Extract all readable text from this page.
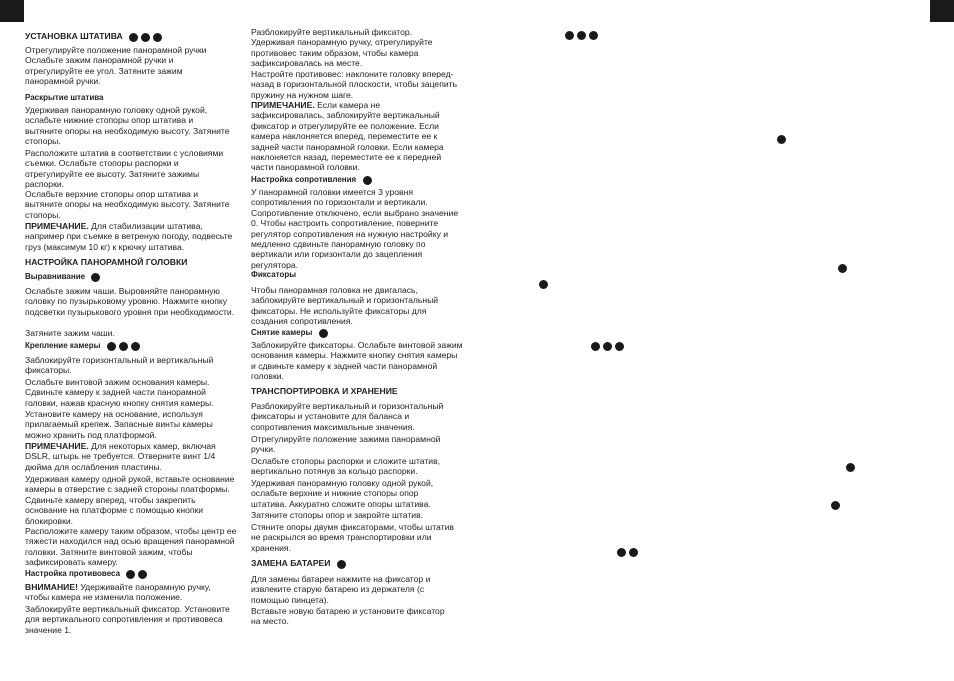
УСТАНОВКА ШТАТИВА

Отрегулируйте положение панорамной ручки Ослабьте зажим панорамной ручки и отрегулируйте ее угол. Затяните зажим панорамной ручки.

Раскрытие штатива

Удерживая панорамную головку одной рукой, ослабьте нижние стопоры опор штатива и вытяните опоры на необходимую высоту. Затяните стопоры.

Расположите штатив в соответствии с условиями съемки. Ослабьте стопоры распорки и отрегулируйте ее высоту. Затяните зажимы распорки.

Ослабьте верхние стопоры опор штатива и вытяните опоры на необходимую высоту. Затяните стопоры.

ПРИМЕЧАНИЕ. Для стабилизации штатива, например при съемке в ветреную погоду, подвесьте груз (максимум 10 кг) к крючку штатива.

НАСТРОЙКА ПАНОРАМНОЙ ГОЛОВКИ
Выравнивание

Ослабьте зажим чаши. Выровняйте панорамную головку по пузырьковому уровню. Нажмите кнопку подсветки пузырькового уровня при необходимости.

Затяните зажим чаши.

Крепление камеры

Заблокируйте горизонтальный и вертикальный фиксаторы.

Ослабьте винтовой зажим основания камеры. Сдвиньте камеру к задней части панорамной головки, нажав красную кнопку снятия камеры.

Установите камеру на основание, используя прилагаемый крепеж. Запасные винты камеры можно хранить под платформой.

ПРИМЕЧАНИЕ. Для некоторых камер, включая DSLR, штырь не требуется. Отверните винт 1/4 дюйма для ослабления пластины.

Удерживая камеру одной рукой, вставьте основание камеры в отверстие с задней стороны платформы. Сдвиньте камеру вперед, чтобы закрепить основание на платформе с помощью кнопки блокировки.

Расположите камеру таким образом, чтобы центр ее тяжести находился над осью вращения панорамной головки. Затяните винтовой зажим, чтобы зафиксировать камеру.

Настройка противовеса

ВНИМАНИЕ! Удерживайте панорамную ручку, чтобы камера не изменила положение.

Заблокируйте вертикальный фиксатор. Установите для вертикального сопротивления и противовеса значение 1.

Разблокируйте вертикальный фиксатор. Удерживая панорамную ручку, отрегулируйте противовес таким образом, чтобы камера зафиксировалась на месте.

Настройте противовес: наклоните головку вперед-назад в горизонтальной плоскости, чтобы зацепить пружину на нужном шаге.

ПРИМЕЧАНИЕ. Если камера не зафиксировалась, заблокируйте вертикальный фиксатор и отрегулируйте ее положение. Если камера наклоняется вперед, переместите ее к задней части панорамной головки. Если камера наклоняется назад, переместите ее к передней части панорамной головки.

Настройка сопротивления

У панорамной головки имеется 3 уровня сопротивления по горизонтали и вертикали. Сопротивление отключено, если выбрано значение 0. Чтобы настроить сопротивление, поверните регулятор сопротивления на нужную настройку и медленно сдвиньте панорамную головку по вертикали или горизонтали до зацепления регулятора.

Фиксаторы

Чтобы панорамная головка не двигалась, заблокируйте вертикальный и горизонтальный фиксаторы. Не используйте фиксаторы для создания сопротивления.

Снятие камеры

Заблокируйте фиксаторы. Ослабьте винтовой зажим основания камеры. Нажмите кнопку снятия камеры и сдвиньте камеру к задней части панорамной головки.

ТРАНСПОРТИРОВКА И ХРАНЕНИЕ

Разблокируйте вертикальный и горизонтальный фиксаторы и установите для баланса и сопротивления максимальные значения.

Отрегулируйте положение зажима панорамной ручки.

Ослабьте стопоры распорки и сложите штатив, вертикально потянув за кольцо распорки.

Удерживая панорамную головку одной рукой, ослабьте верхние и нижние стопоры опор штатива. Аккуратно сложите опоры штатива.

Затяните стопоры опор и закройте штатив.

Стяните опоры двумя фиксаторами, чтобы штатив не раскрылся во время транспортировки или хранения.

ЗАМЕНА БАТАРЕИ

Для замены батареи нажмите на фиксатор и извлеките старую батарею из держателя (с помощью пинцета).

Вставьте новую батарею и установите фиксатор на место.
